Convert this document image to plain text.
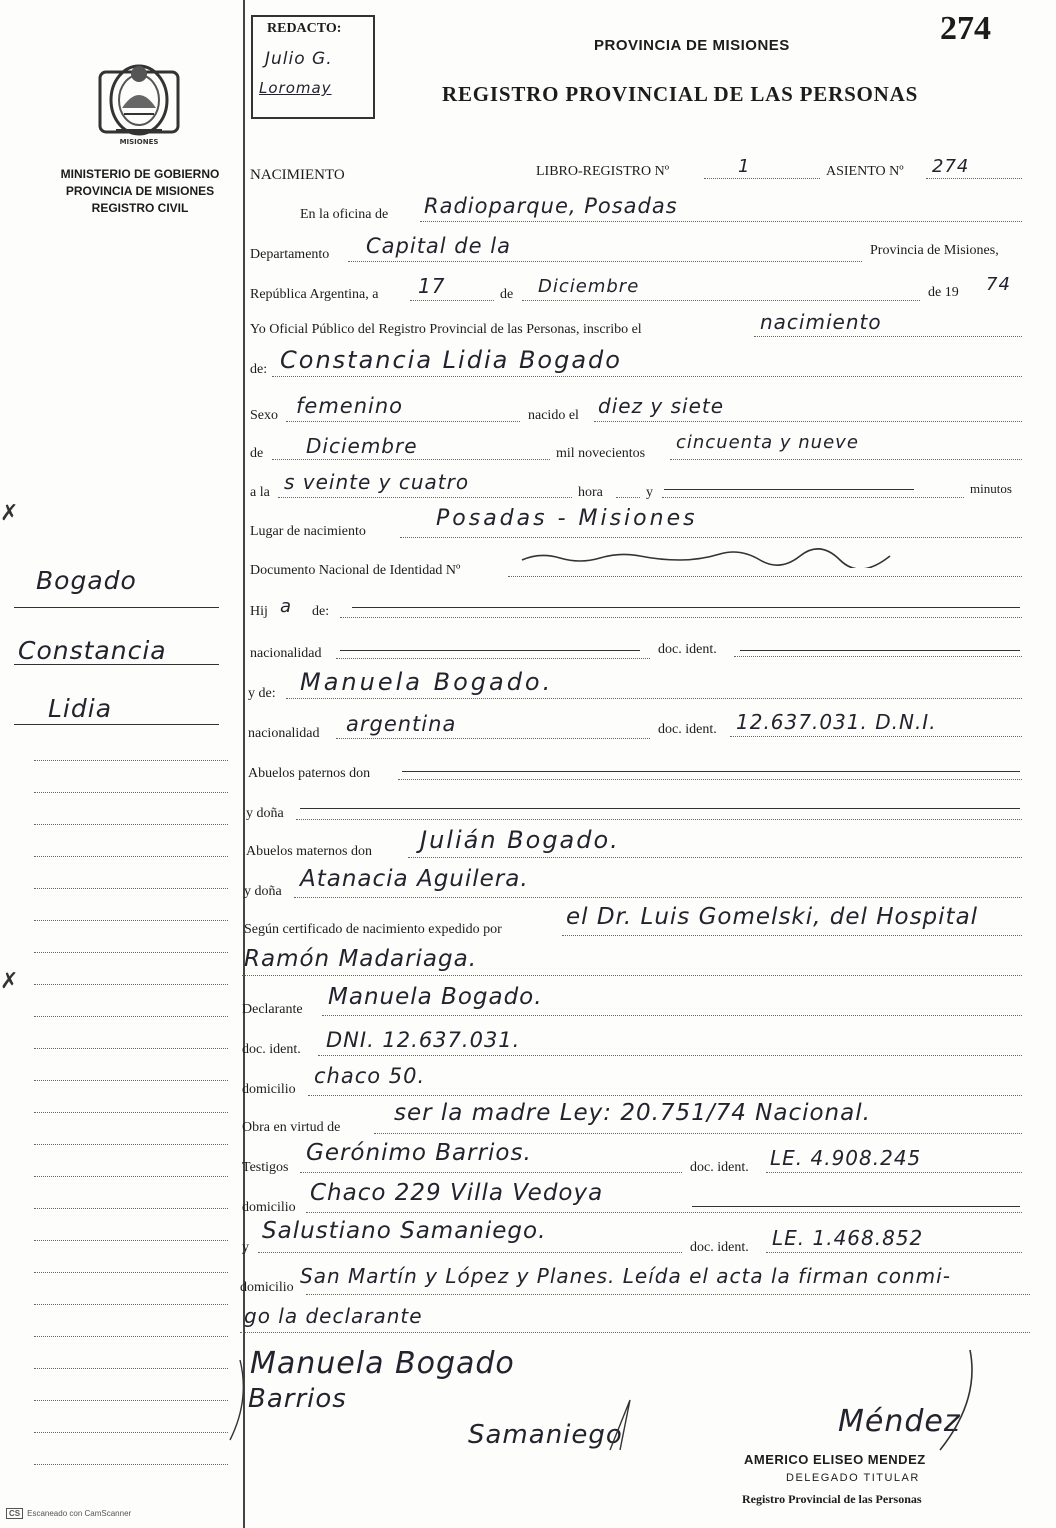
REDACTO:
Julio G.
Loromay
274
PROVINCIA DE MISIONES
REGISTRO PROVINCIAL DE LAS PERSONAS
MISIONES
MINISTERIO DE GOBIERNO
PROVINCIA DE MISIONES
REGISTRO CIVIL
Bogado
Constancia
Lidia
✗
✗
NACIMIENTO	LIBRO-REGISTRO Nº	1	ASIENTO Nº 274
En la oficina de Radioparque, Posadas
Departamento Capital de la	Provincia de Misiones,
República Argentina, a 17	de Diciembre	de 19 74
Yo Oficial Público del Registro Provincial de las Personas, inscribo el	nacimiento
de: Constancia Lidia Bogado
Sexo femenino	nacido el diez y siete
de Diciembre	mil novecientos
cincuenta y nueve
a la s veinte y cuatro	hora	y	minutos
Lugar de nacimiento
Posadas - Misiones
Documento Nacional de Identidad Nº
Hij a de:
nacionalidad	doc. ident.
y de: Manuela Bogado.
nacionalidad argentina	doc. ident. 12.637.031. D.N.I.
Abuelos paternos don
y doña
Abuelos maternos don Julián Bogado.
y doña Atanacia Aguilera.
Según certificado de nacimiento expedido por	el Dr. Luis Gomelski, del Hospital
Ramón Madariaga.
Declarante Manuela Bogado.
doc. ident. DNI. 12.637.031.
domicilio
chaco 50.
Obra en virtud de
ser la madre Ley: 20.751/74 Nacional.
Testigos
Gerónimo Barrios.
doc. ident. LE. 4.908.245
domicilio
Chaco 229 Villa Vedoya
y
Salustiano Samaniego.
doc. ident. LE. 1.468.852
domicilio San Martín y López y Planes. Leída el acta la firman conmi-
go la declarante
Manuela Bogado
Barrios
Samaniego	Méndez
AMERICO ELISEO MENDEZ
DELEGADO TITULAR
Registro Provincial de las Personas
CS Escaneado con CamScanner
